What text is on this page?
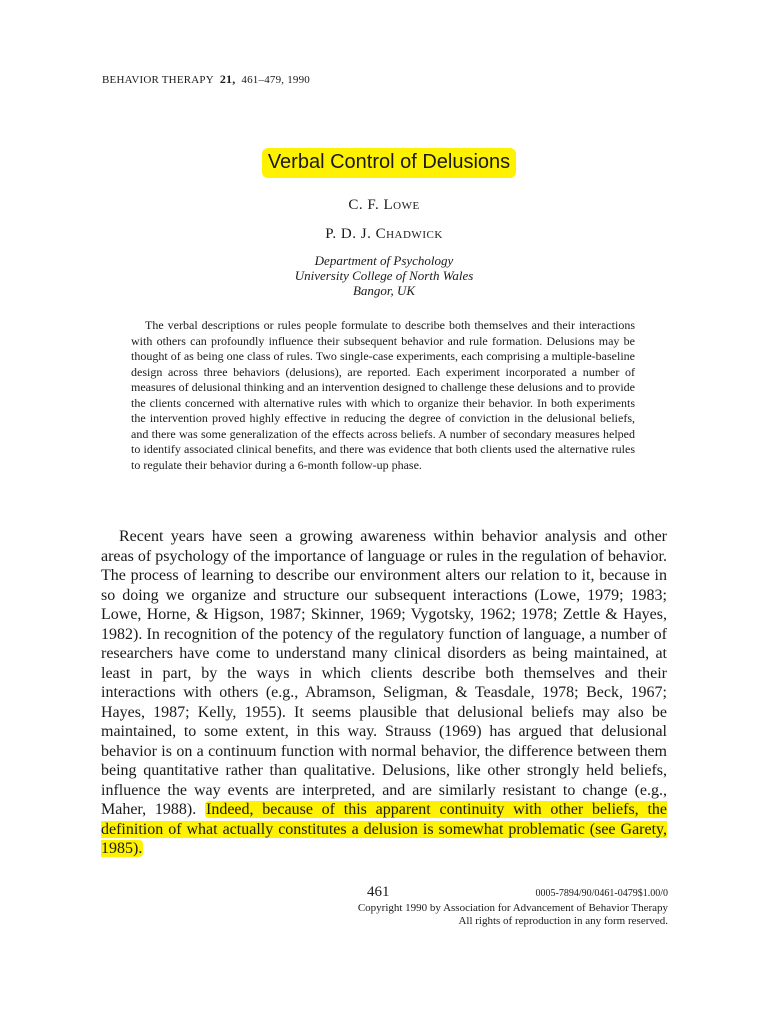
BEHAVIOR THERAPY 21, 461–479, 1990
Verbal Control of Delusions
C. F. Lowe
P. D. J. Chadwick
Department of Psychology
University College of North Wales
Bangor, UK

The verbal descriptions or rules people formulate to describe both themselves and their interactions with others can profoundly influence their subsequent behavior and rule formation. Delusions may be thought of as being one class of rules. Two single-case experiments, each comprising a multiple-baseline design across three behaviors (delusions), are reported. Each experiment incorporated a number of measures of delusional thinking and an intervention designed to challenge these delusions and to provide the clients concerned with alternative rules with which to organize their behavior. In both experiments the intervention proved highly effective in reducing the degree of conviction in the delusional beliefs, and there was some generalization of the effects across beliefs. A number of secondary measures helped to identify associated clinical benefits, and there was evidence that both clients used the alternative rules to regulate their behavior during a 6-month follow-up phase.

Recent years have seen a growing awareness within behavior analysis and other areas of psychology of the importance of language or rules in the regulation of behavior. The process of learning to describe our environment alters our relation to it, because in so doing we organize and structure our subsequent interactions (Lowe, 1979; 1983; Lowe, Horne, & Higson, 1987; Skinner, 1969; Vygotsky, 1962; 1978; Zettle & Hayes, 1982). In recognition of the potency of the regulatory function of language, a number of researchers have come to understand many clinical disorders as being maintained, at least in part, by the ways in which clients describe both themselves and their interactions with others (e.g., Abramson, Seligman, & Teasdale, 1978; Beck, 1967; Hayes, 1987; Kelly, 1955). It seems plausible that delusional beliefs may also be maintained, to some extent, in this way. Strauss (1969) has argued that delusional behavior is on a continuum function with normal behavior, the difference between them being quantitative rather than qualitative. Delusions, like other strongly held beliefs, influence the way events are interpreted, and are similarly resistant to change (e.g., Maher, 1988). Indeed, because of this apparent continuity with other beliefs, the definition of what actually constitutes a delusion is somewhat problematic (see Garety, 1985).

461	0005-7894/90/0461-0479$1.00/0
Copyright 1990 by Association for Advancement of Behavior Therapy
All rights of reproduction in any form reserved.
